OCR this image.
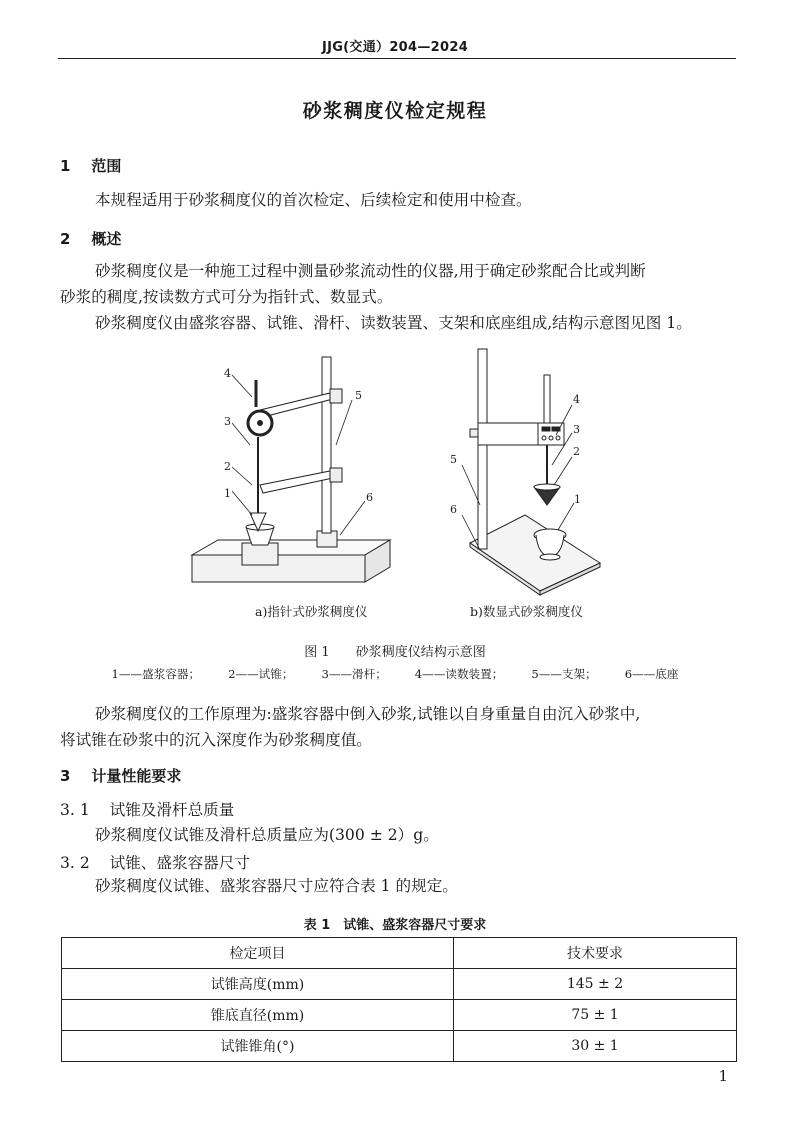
JJG(交通）204—2024
砂浆稠度仪检定规程
1 范围
本规程适用于砂浆稠度仪的首次检定、后续检定和使用中检查。
2 概述
砂浆稠度仪是一种施工过程中测量砂浆流动性的仪器,用于确定砂浆配合比或判断
砂浆的稠度,按读数方式可分为指针式、数显式。
砂浆稠度仪由盛浆容器、试锥、滑杆、读数装置、支架和底座组成,结构示意图见图 1。
1
2
3
4
5
6	1
2
3
4
5
6
a)指针式砂浆稠度仪	b)数显式砂浆稠度仪
图 1　　砂浆稠度仪结构示意图
1——盛浆容器； 2——试锥； 3——滑杆； 4——读数装置； 5——支架； 6——底座
砂浆稠度仪的工作原理为:盛浆容器中倒入砂浆,试锥以自身重量自由沉入砂浆中,
将试锥在砂浆中的沉入深度作为砂浆稠度值。
3 计量性能要求
3. 1 试锥及滑杆总质量
砂浆稠度仪试锥及滑杆总质量应为(300 ± 2）g。
3. 2 试锥、盛浆容器尺寸
砂浆稠度仪试锥、盛浆容器尺寸应符合表 1 的规定。
表 1　试锥、盛浆容器尺寸要求
检定项目	技术要求
试锥高度(mm)	145 ± 2
锥底直径(mm)	75 ± 1
试锥锥角(°)	30 ± 1
1
